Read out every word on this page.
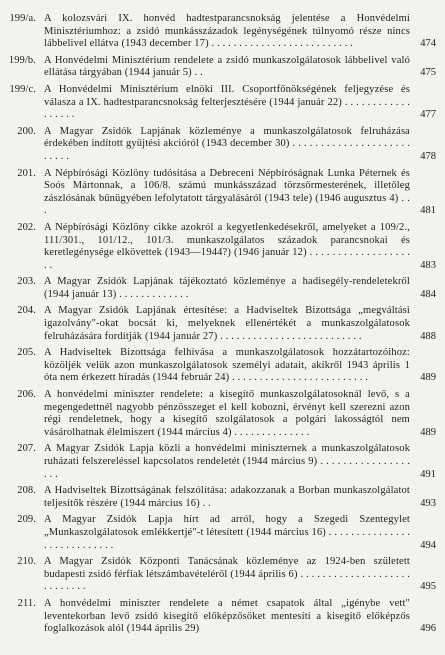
199/a. A kolozsvári IX. honvéd hadtestparancsnokság jelentése a Honvédelmi Minisztériumhoz: a zsidó munkásszázadok legénységének túlnyomó része nincs lábbelivel ellátva (1943 december 17) . . . . . . . . . . . . . . . . . . . . . . . . . .	474
199/b. A Honvédelmi Minisztérium rendelete a zsidó munkaszolgálatosok lábbelivel való ellátása tárgyában (1944 január 5) . .	475
199/c. A Honvédelmi Minisztérium elnöki III. Csoportfőnökségének feljegyzése és válasza a IX. hadtestparancsnokság felterjesztésére (1944 január 22) . . . . . . . . . . . . . . . . . .	477
200. A Magyar Zsidók Lapjának közleménye a munkaszolgálatosok felruházása érdekében indított gyűjtési akcióról (1943 december 30) . . . . . . . . . . . . . . . . . . . . . . . . . .	478
201. A Népbírósági Közlöny tudósítása a Debreceni Népbíróságnak Lunka Péternek és Soós Mártonnak, a 106/8. számú munkásszázad törzsőrmesterének, illetőleg zászlósának bűnügyében lefolytatott tárgyalásáról (1943 tele) (1946 augusztus 4) . . .	481
202. A Népbírósági Közlöny cikke azokról a kegyetlenkedésekről, amelyeket a 109/2., 111/301., 101/12., 101/3. munkaszolgálatos századok parancsnokai és keretlegénysége elkövettek (1943—1944?) (1946 január 12) . . . . . . . . . . . . . . . . . . . .	483
203. A Magyar Zsidók Lapjának tájékoztató közleménye a hadisegély-rendeletekről (1944 január 13) . . . . . . . . . . . . .	484
204. A Magyar Zsidók Lapjának értesítése: a Hadviseltek Bizottsága „megváltási igazolvány"-okat bocsát ki, melyeknek ellenértékét a munkaszolgálatosok felruházására fordítják (1944 január 27) . . . . . . . . . . . . . . . . . . . . . . . . . .	488
205. A Hadviseltek Bizottsága felhívása a munkaszolgálatosok hozzátartozóihoz: közöljék velük azon munkaszolgálatosok személyi adatait, akikről 1943 április 1 óta nem érkezett híradás (1944 február 24) . . . . . . . . . . . . . . . . . . . . . . . . .	489
206. A honvédelmi miniszter rendelete: a kisegítő munkaszolgálatosoknál levő, s a megengedettnél nagyobb pénzösszeget el kell kobozni, érvényt kell szerezni azon régi rendeletnek, hogy a kisegítő szolgálatosok a polgári lakosságtól nem vásárolhatnak élelmiszert (1944 március 4) . . . . . . . . . . . . . .	489
207. A Magyar Zsidók Lapja közli a honvédelmi miniszternek a munkaszolgálatosok ruházati felszereléssel kapcsolatos rendeletét (1944 március 9) . . . . . . . . . . . . . . . . . . .	491
208. A Hadviseltek Bizottságának felszólítása: adakozzanak a Borban munkaszolgálatot teljesítők részére (1944 március 16) . .	493
209. A Magyar Zsidók Lapja hírt ad arról, hogy a Szegedi Szentegylet „Munkaszolgálatosok emlékkertjé"-t létesített (1944 március 16) . . . . . . . . . . . . . . . . . . . . . . . . . . . .	494
210. A Magyar Zsidók Központi Tanácsának közleménye az 1924-ben született budapesti zsidó férfiak létszámbavételéről (1944 április 6) . . . . . . . . . . . . . . . . . . . . . . . . . . . .	495
211. A honvédelmi miniszter rendelete a német csapatok által „igénybe vett" leventekorban levő zsidó kisegítő előképzősöket mentesíti a kisegítő előképzős foglalkozások alól (1944 április 29)	496
